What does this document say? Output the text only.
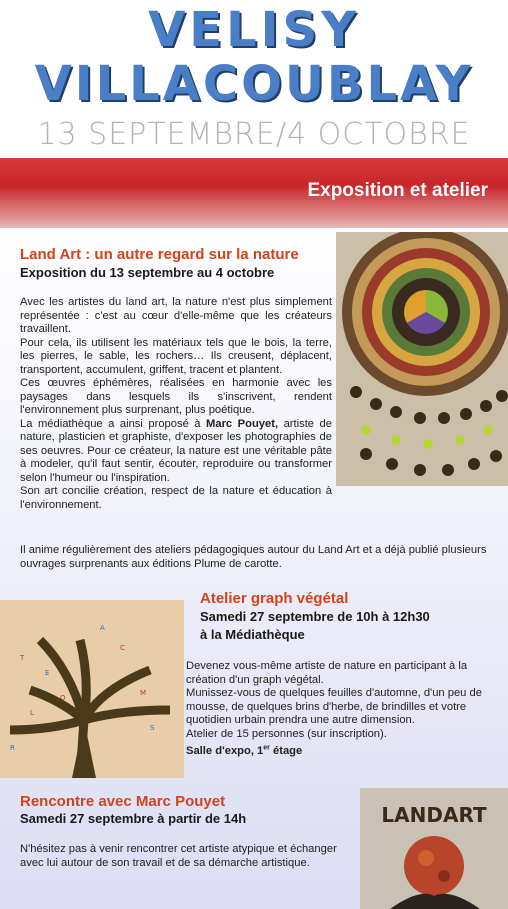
VELISY
VILLACOUBLAY
13 SEPTEMBRE/4 OCTOBRE
Exposition et atelier
Land Art : un autre regard sur la nature
Exposition du 13 septembre au 4 octobre

Avec les artistes du land art, la nature n'est plus simplement représentée : c'est au cœur d'elle-même que les créateurs travaillent.

Pour cela, ils utilisent les matériaux tels que le bois, la terre, les pierres, le sable, les rochers… Ils creusent, déplacent, transportent, accumulent, griffent, tracent et plantent.

Ces œuvres éphémères, réalisées en harmonie avec les paysages dans lesquels ils s'inscrivent, rendent l'environnement plus surprenant, plus poétique.

La médiathèque a ainsi proposé à Marc Pouyet, artiste de nature, plasticien et graphiste, d'exposer les photographies de ses oeuvres. Pour ce créateur, la nature est une véritable pâte à modeler, qu'il faut sentir, écouter, reproduire ou transformer selon l'humeur ou l'inspiration.

Son art concilie création, respect de la nature et éducation à l'environnement.

Il anime régulièrement des ateliers pédagogiques autour du Land Art et a déjà publié plusieurs ouvrages surprenants aux éditions Plume de carotte.

T
C
O
M
L
A
E
S
R
Atelier graph végétal
Samedi 27 septembre de 10h à 12h30
à la Médiathèque

Devenez vous-même artiste de nature en participant à la création d'un graph végétal.

Munissez-vous de quelques feuilles d'automne, d'un peu de mousse, de quelques brins d'herbe, de brindilles et votre quotidien urbain prendra une autre dimension.

Atelier de 15 personnes (sur inscription).

Salle d'expo, 1er étage

Rencontre avec Marc Pouyet
Samedi 27 septembre à partir de 14h

N'hésitez pas à venir rencontrer cet artiste atypique et échanger avec lui autour de son travail et de sa démarche artistique.

LANDART
